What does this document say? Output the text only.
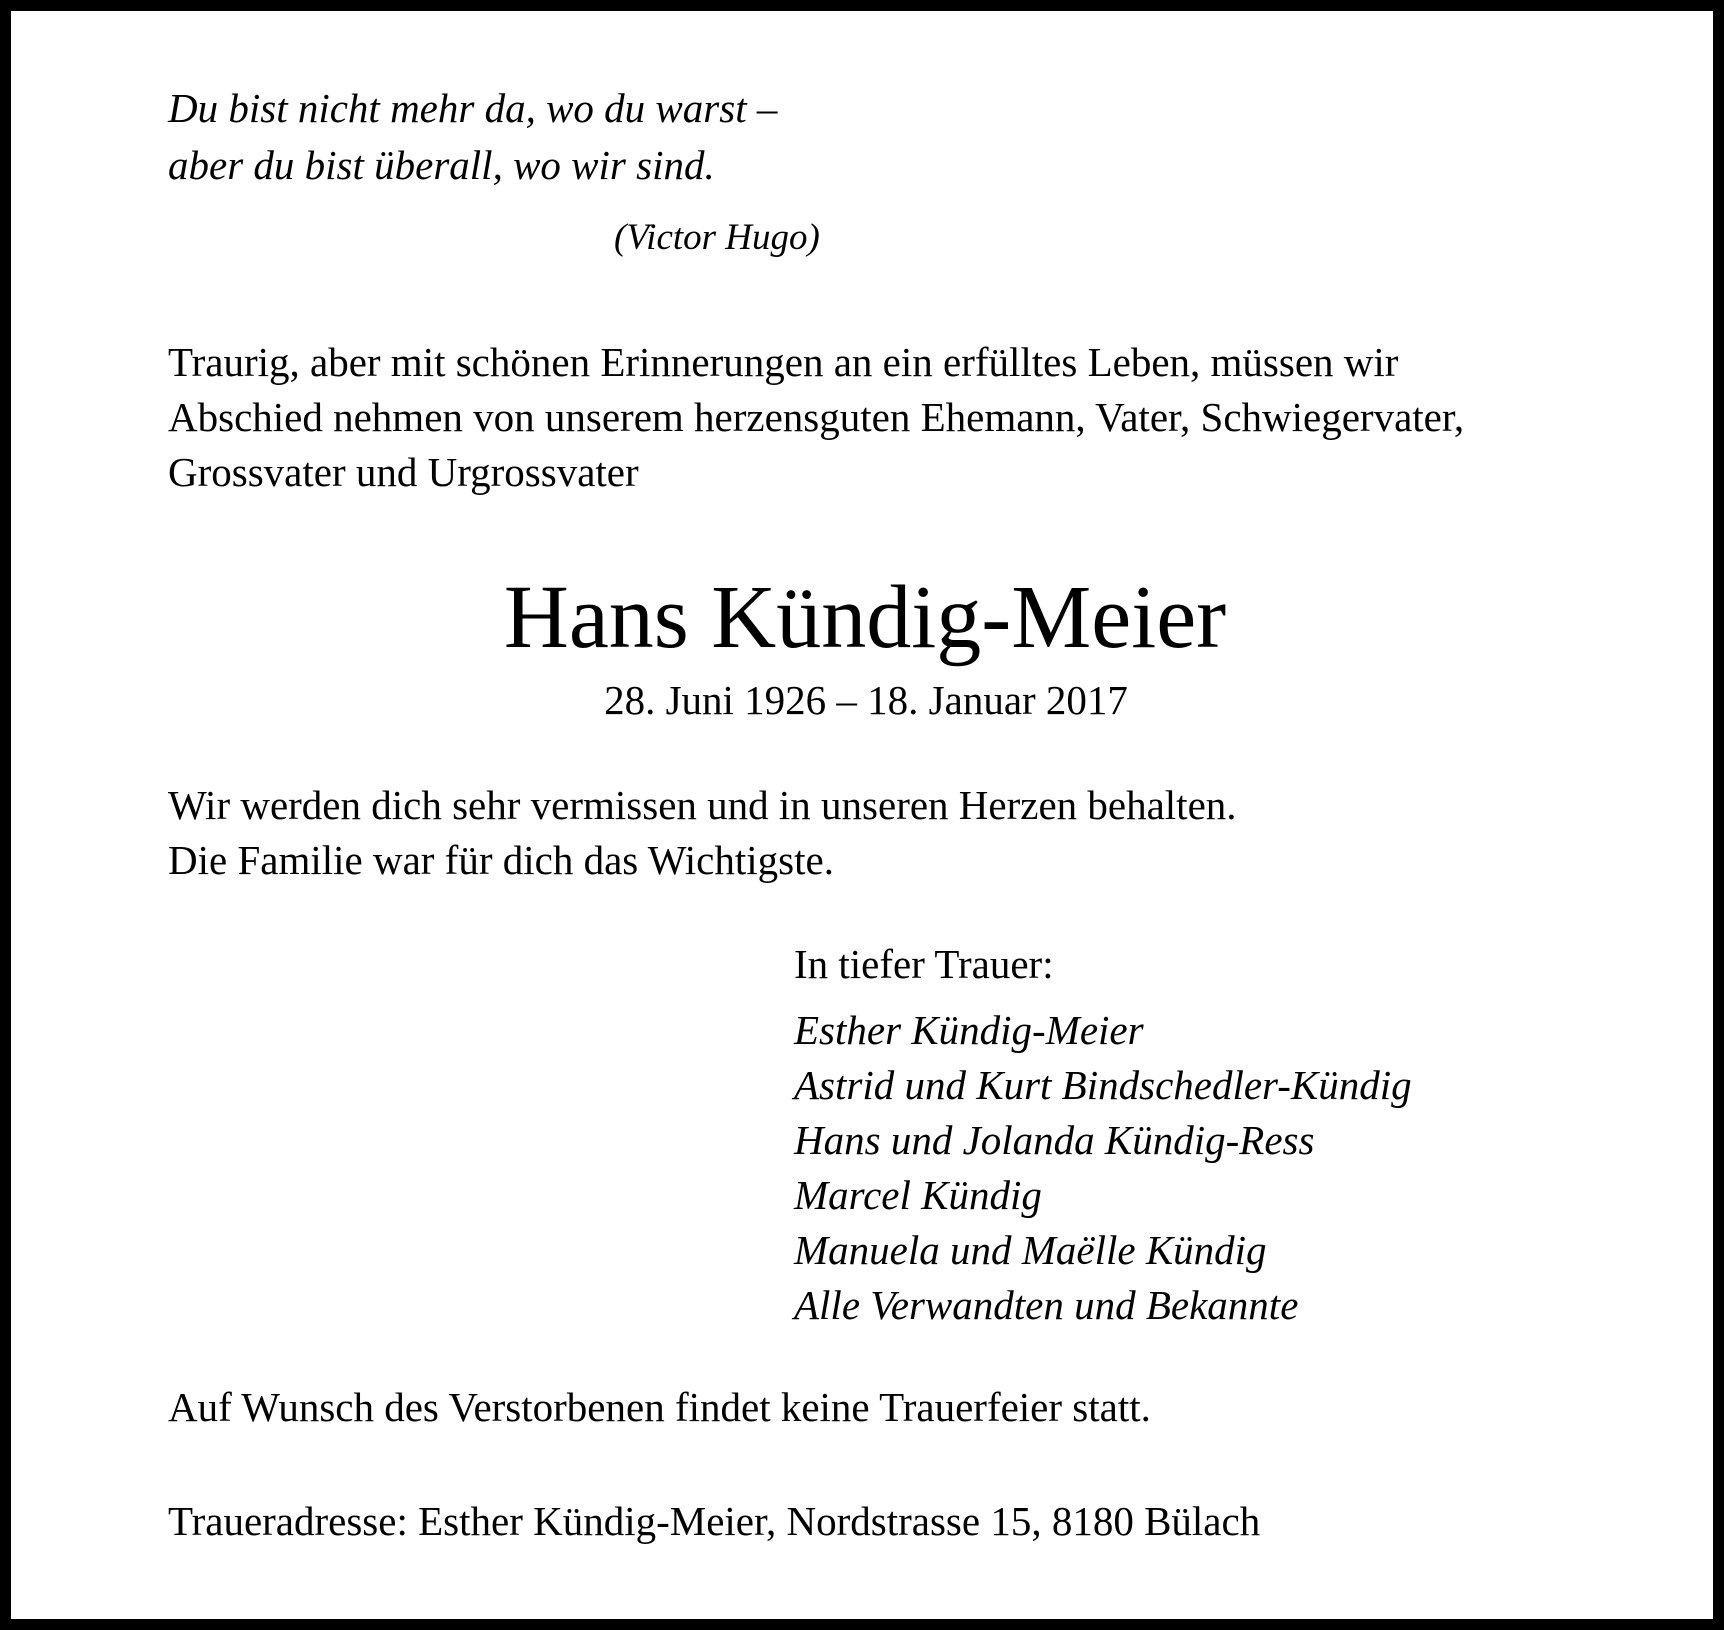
Du bist nicht mehr da, wo du warst –
aber du bist überall, wo wir sind.
(Victor Hugo)
Traurig, aber mit schönen Erinnerungen an ein erfülltes Leben, müssen wir
Abschied nehmen von unserem herzensguten Ehemann, Vater, Schwiegervater,
Grossvater und Urgrossvater
Hans Kündig-Meier
28. Juni 1926 – 18. Januar 2017
Wir werden dich sehr vermissen und in unseren Herzen behalten.
Die Familie war für dich das Wichtigste.
In tiefer Trauer:
Esther Kündig-Meier
Astrid und Kurt Bindschedler-Kündig
Hans und Jolanda Kündig-Ress
Marcel Kündig
Manuela und Maëlle Kündig
Alle Verwandten und Bekannte
Auf Wunsch des Verstorbenen findet keine Trauerfeier statt.
Traueradresse: Esther Kündig-Meier, Nordstrasse 15, 8180 Bülach
